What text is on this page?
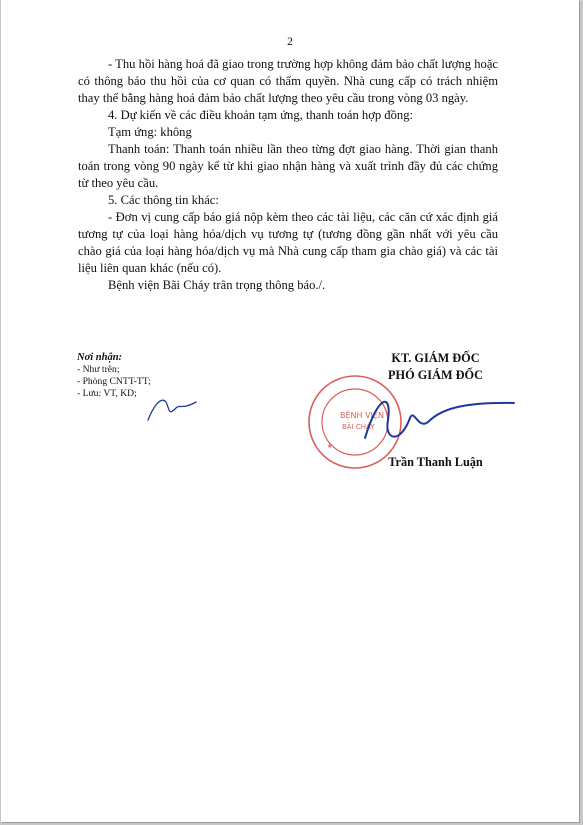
2

- Thu hồi hàng hoá đã giao trong trường hợp không đảm bảo chất lượng hoặc có thông báo thu hồi của cơ quan có thẩm quyền. Nhà cung cấp có trách nhiệm thay thế bằng hàng hoá đảm bảo chất lượng theo yêu cầu trong vòng 03 ngày.

4. Dự kiến về các điều khoản tạm ứng, thanh toán hợp đồng:

Tạm ứng: không

Thanh toán: Thanh toán nhiều lần theo từng đợt giao hàng. Thời gian thanh toán trong vòng 90 ngày kể từ khi giao nhận hàng và xuất trình đầy đủ các chứng từ theo yêu cầu.

5. Các thông tin khác:

- Đơn vị cung cấp báo giá nộp kèm theo các tài liệu, các căn cứ xác định giá tương tự của loại hàng hóa/dịch vụ tương tự (tương đồng gần nhất với yêu cầu chào giá của loại hàng hóa/dịch vụ mà Nhà cung cấp tham gia chào giá) và các tài liệu liên quan khác (nếu có).

Bệnh viện Bãi Cháy trân trọng thông báo./.

Nơi nhận:
- Như trên;
- Phòng CNTT-TT;
- Lưu: VT, KD;
KT. GIÁM ĐỐC
PHÓ GIÁM ĐỐC
Trần Thanh Luận
BỆNH VIỆN
BÃI CHÁY
★
